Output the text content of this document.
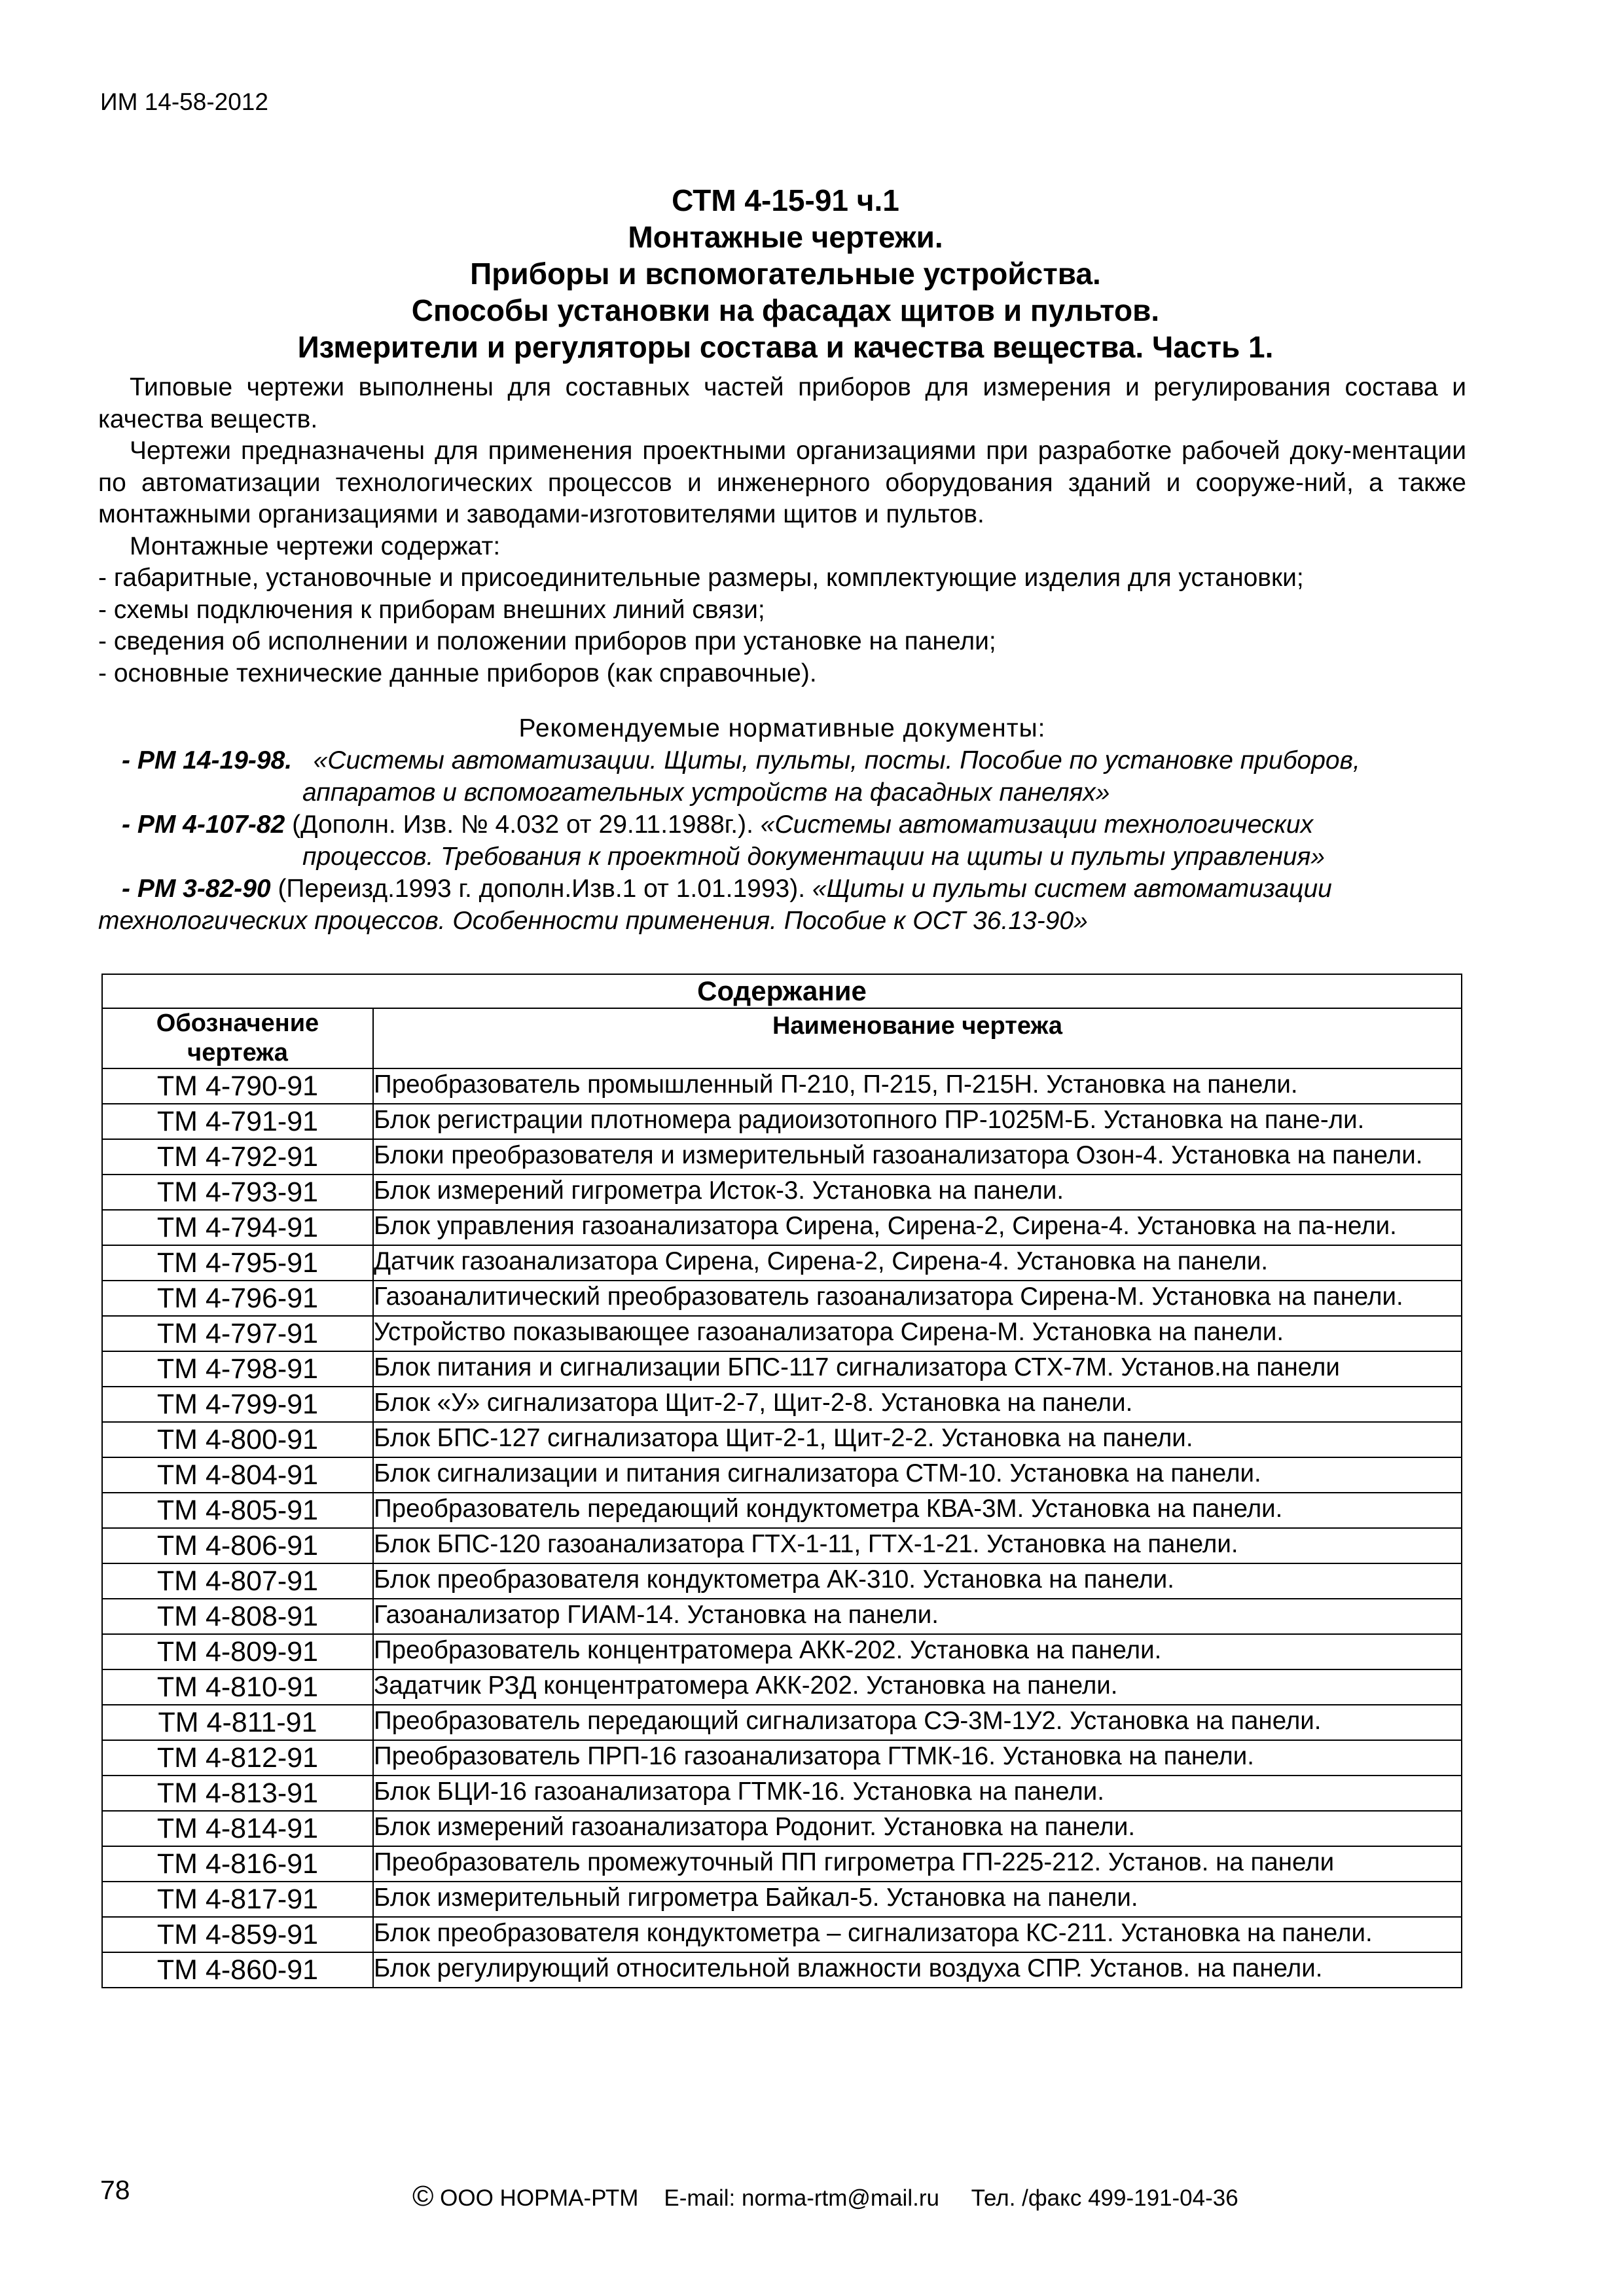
ИМ 14-58-2012
СТМ 4-15-91 ч.1
Монтажные чертежи.
Приборы и вспомогательные устройства.
Способы установки на фасадах щитов и пультов.
Измерители и регуляторы состава и качества вещества. Часть 1.

Типовые чертежи выполнены для составных частей приборов для измерения и регулирования состава и качества веществ.

Чертежи предназначены для применения проектными организациями при разработке рабочей доку-ментации по автоматизации технологических процессов и инженерного оборудования зданий и сооруже-ний, а также монтажными организациями и заводами-изготовителями щитов и пультов.

Монтажные чертежи содержат:

- габаритные, установочные и присоединительные размеры, комплектующие изделия для установки;

- схемы подключения к приборам внешних линий связи;

- сведения об исполнении и положении приборов при установке на панели;

- основные технические данные приборов (как справочные).

Рекомендуемые нормативные документы:
- РМ 14-19-98. «Системы автоматизации. Щиты, пульты, посты. Пособие по установке приборов,
аппаратов и вспомогательных устройств на фасадных панелях»
- РМ 4-107-82 (Дополн. Изв. № 4.032 от 29.11.1988г.). «Системы автоматизации технологических
процессов. Требования к проектной документации на щиты и пульты управления»
- РМ 3-82-90 (Переизд.1993 г. дополн.Изв.1 от 1.01.1993). «Щиты и пульты систем автоматизации
технологических процессов. Особенности применения. Пособие к ОСТ 36.13-90»
Содержание	
Обозначение чертежа	Наименование чертежа
ТМ 4-790-91	Преобразователь промышленный П-210, П-215, П-215Н. Установка на панели.
ТМ 4-791-91	Блок регистрации плотномера радиоизотопного ПР-1025М-Б. Установка на пане-ли.
ТМ 4-792-91	Блоки преобразователя и измерительный газоанализатора Озон-4. Установка на панели.
ТМ 4-793-91	Блок измерений гигрометра Исток-3. Установка на панели.
ТМ 4-794-91	Блок управления газоанализатора Сирена, Сирена-2, Сирена-4. Установка на па-нели.
ТМ 4-795-91	Датчик газоанализатора Сирена, Сирена-2, Сирена-4. Установка на панели.
ТМ 4-796-91	Газоаналитический преобразователь газоанализатора Сирена-М. Установка на панели.
ТМ 4-797-91	Устройство показывающее газоанализатора Сирена-М. Установка на панели.
ТМ 4-798-91	Блок питания и сигнализации БПС-117 сигнализатора СТХ-7М. Установ.на панели
ТМ 4-799-91	Блок «У» сигнализатора Щит-2-7, Щит-2-8. Установка на панели.
ТМ 4-800-91	Блок БПС-127 сигнализатора Щит-2-1, Щит-2-2. Установка на панели.
ТМ 4-804-91	Блок сигнализации и питания сигнализатора СТМ-10. Установка на панели.
ТМ 4-805-91	Преобразователь передающий кондуктометра КВА-3М. Установка на панели.
ТМ 4-806-91	Блок БПС-120 газоанализатора ГТХ-1-11, ГТХ-1-21. Установка на панели.
ТМ 4-807-91	Блок преобразователя кондуктометра АК-310. Установка на панели.
ТМ 4-808-91	Газоанализатор ГИАМ-14. Установка на панели.
ТМ 4-809-91	Преобразователь концентратомера АКК-202. Установка на панели.
ТМ 4-810-91	Задатчик РЗД концентратомера АКК-202. Установка на панели.
ТМ 4-811-91	Преобразователь передающий сигнализатора СЭ-3М-1У2. Установка на панели.
ТМ 4-812-91	Преобразователь ПРП-16 газоанализатора ГТМК-16. Установка на панели.
ТМ 4-813-91	Блок БЦИ-16 газоанализатора ГТМК-16. Установка на панели.
ТМ 4-814-91	Блок измерений газоанализатора Родонит. Установка на панели.
ТМ 4-816-91	Преобразователь промежуточный ПП гигрометра ГП-225-212. Установ. на панели
ТМ 4-817-91	Блок измерительный гигрометра Байкал-5. Установка на панели.
ТМ 4-859-91	Блок преобразователя кондуктометра – сигнализатора КС-211. Установка на панели.
ТМ 4-860-91	Блок регулирующий относительной влажности воздуха СПР. Установ. на панели.
78	© ООО НОРМА-РТМ E-mail: norma-rtm@mail.ru Тел. /факс 499-191-04-36
